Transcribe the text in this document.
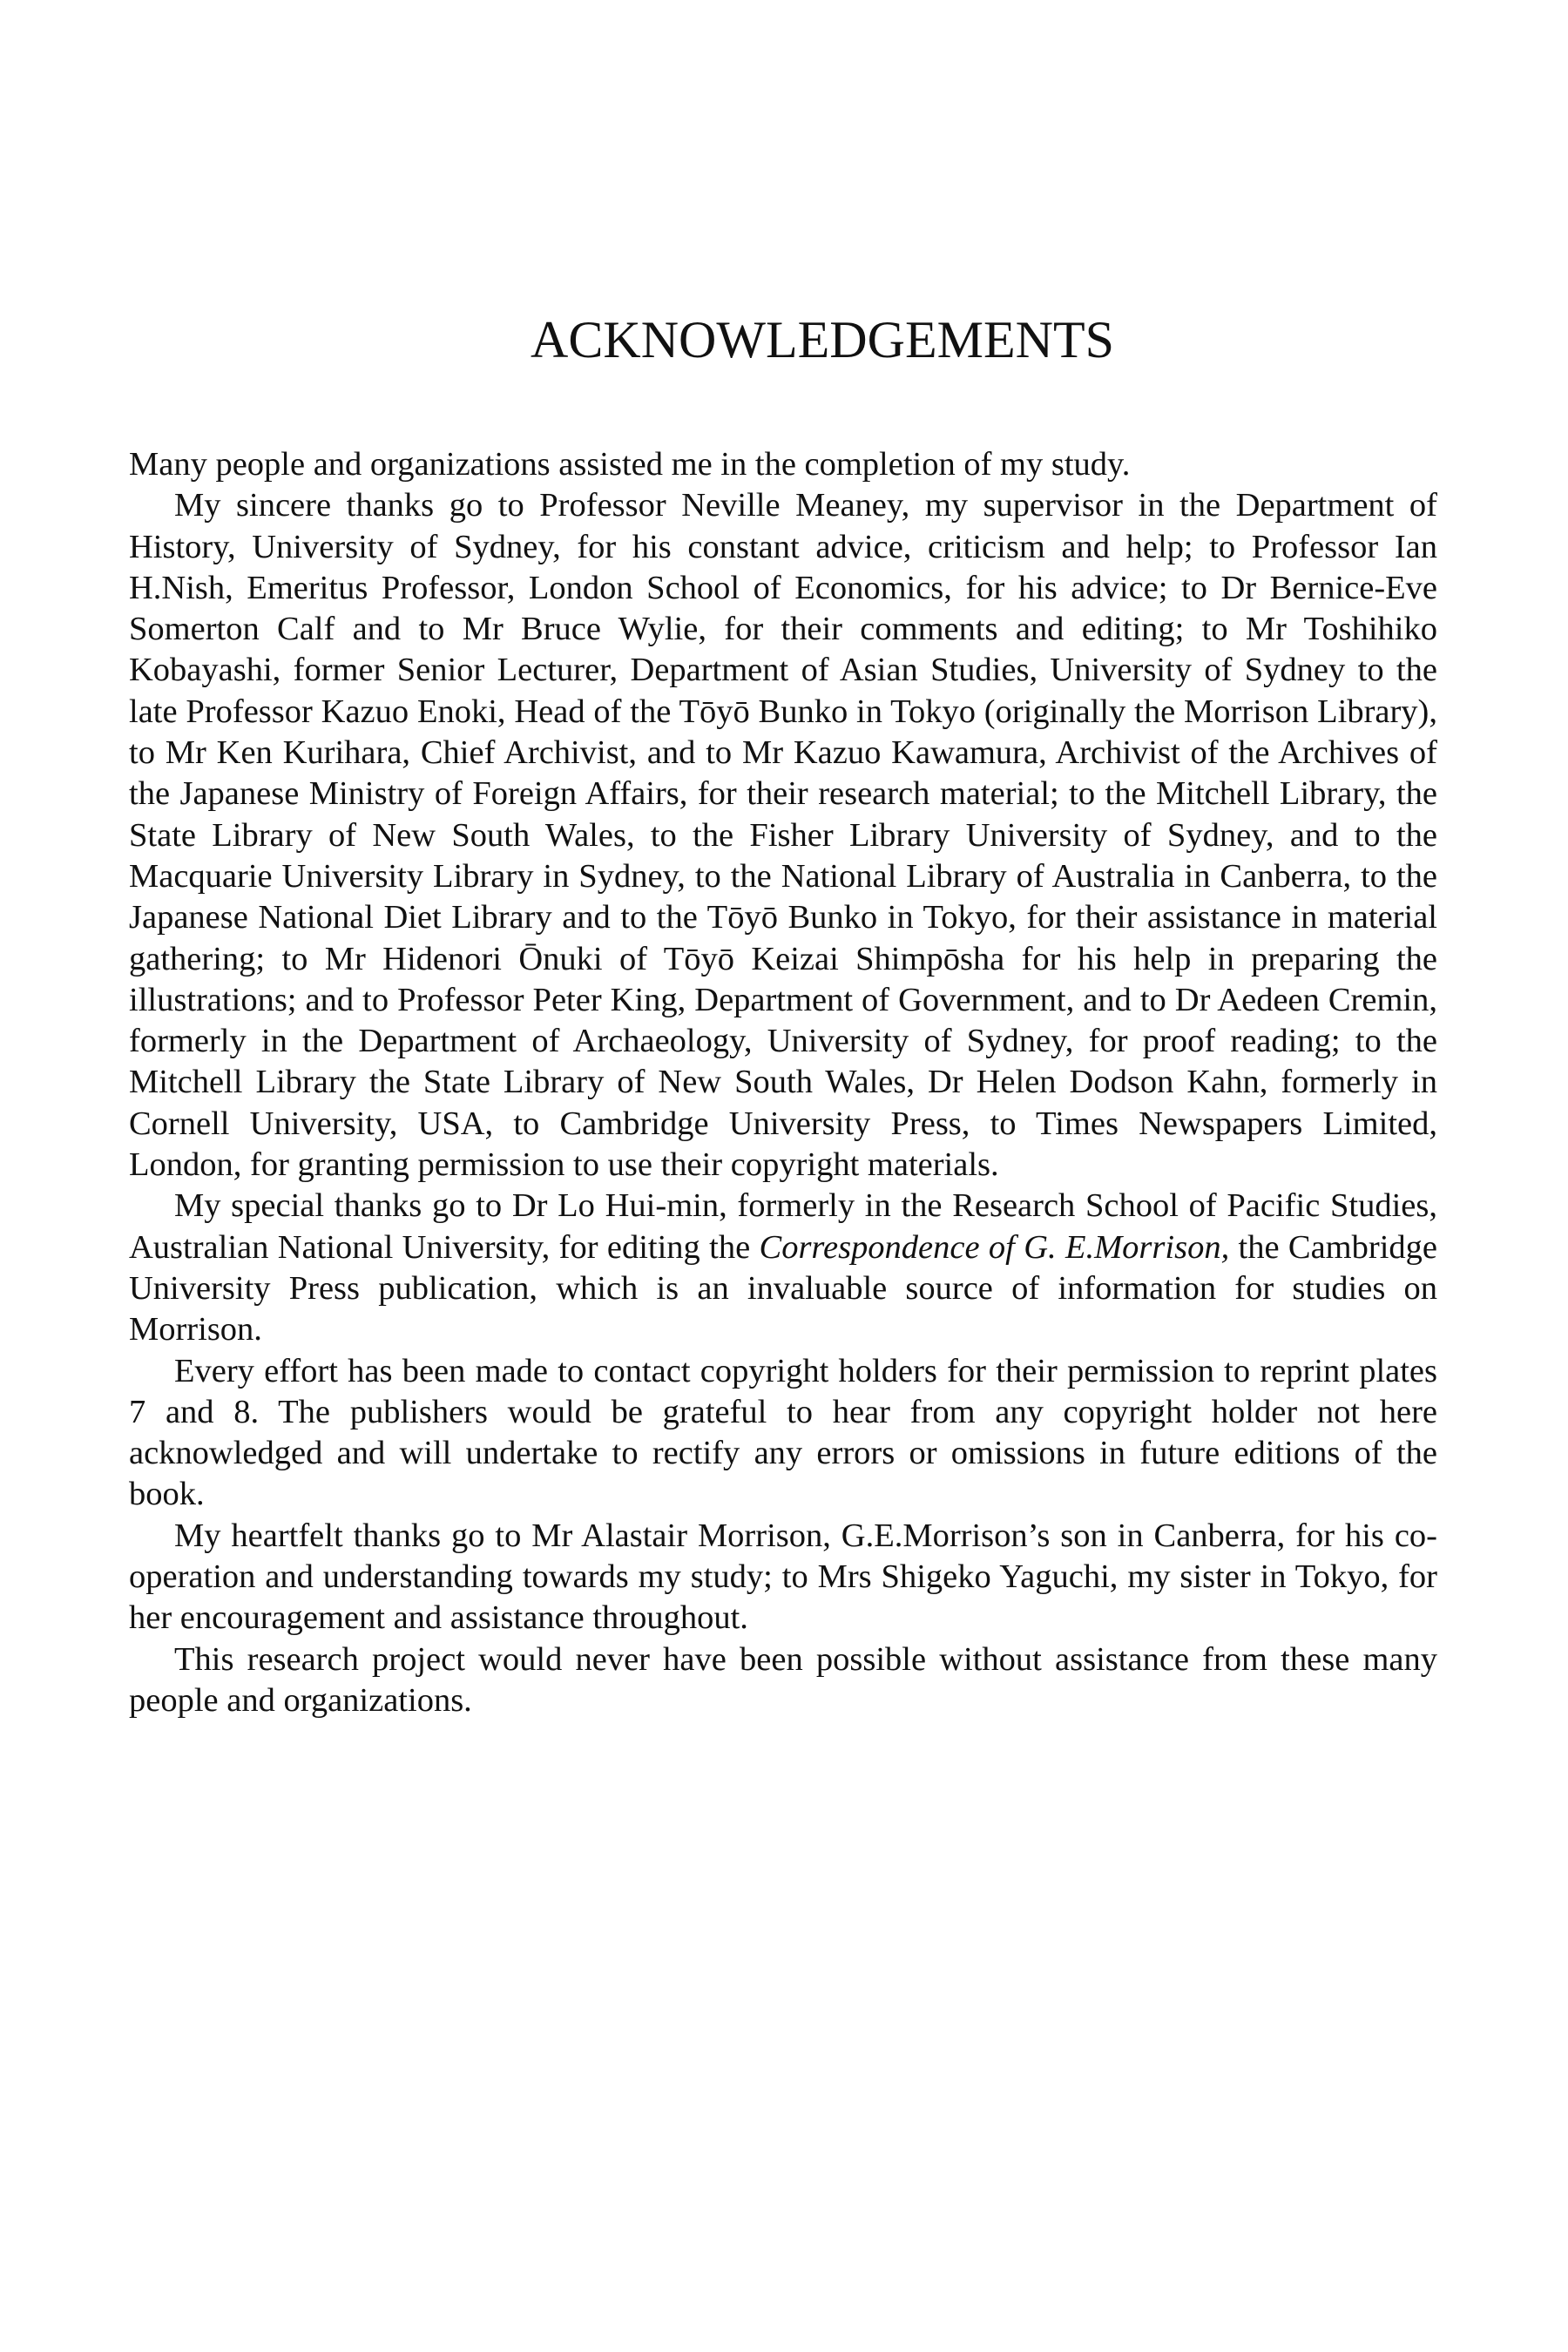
ACKNOWLEDGEMENTS

Many people and organizations assisted me in the completion of my study.

My sincere thanks go to Professor Neville Meaney, my supervisor in the Department of History, University of Sydney, for his constant advice, criticism and help; to Professor Ian H.Nish, Emeritus Professor, London School of Economics, for his advice; to Dr Bernice-Eve Somerton Calf and to Mr Bruce Wylie, for their comments and editing; to Mr Toshihiko Kobayashi, former Senior Lecturer, Department of Asian Studies, University of Sydney to the late Professor Kazuo Enoki, Head of the Tōyō Bunko in Tokyo (originally the Morrison Library), to Mr Ken Kurihara, Chief Archivist, and to Mr Kazuo Kawamura, Archivist of the Archives of the Japanese Ministry of Foreign Affairs, for their research material; to the Mitchell Library, the State Library of New South Wales, to the Fisher Library University of Sydney, and to the Macquarie University Library in Sydney, to the National Library of Australia in Canberra, to the Japanese National Diet Library and to the Tōyō Bunko in Tokyo, for their assistance in material gathering; to Mr Hidenori Ōnuki of Tōyō Keizai Shimpōsha for his help in preparing the illustrations; and to Professor Peter King, Department of Government, and to Dr Aedeen Cremin, formerly in the Department of Archaeology, University of Sydney, for proof reading; to the Mitchell Library the State Library of New South Wales, Dr Helen Dodson Kahn, formerly in Cornell University, USA, to Cambridge University Press, to Times Newspapers Limited, London, for granting permission to use their copyright materials.

My special thanks go to Dr Lo Hui-min, formerly in the Research School of Pacific Studies, Australian National University, for editing the Correspondence of G. E.Morrison, the Cambridge University Press publication, which is an invaluable source of information for studies on Morrison.

Every effort has been made to contact copyright holders for their permission to reprint plates 7 and 8. The publishers would be grateful to hear from any copyright holder not here acknowledged and will undertake to rectify any errors or omissions in future editions of the book.

My heartfelt thanks go to Mr Alastair Morrison, G.E.Morrison’s son in Canberra, for his co-operation and understanding towards my study; to Mrs Shigeko Yaguchi, my sister in Tokyo, for her encouragement and assistance throughout.

This research project would never have been possible without assistance from these many people and organizations.
